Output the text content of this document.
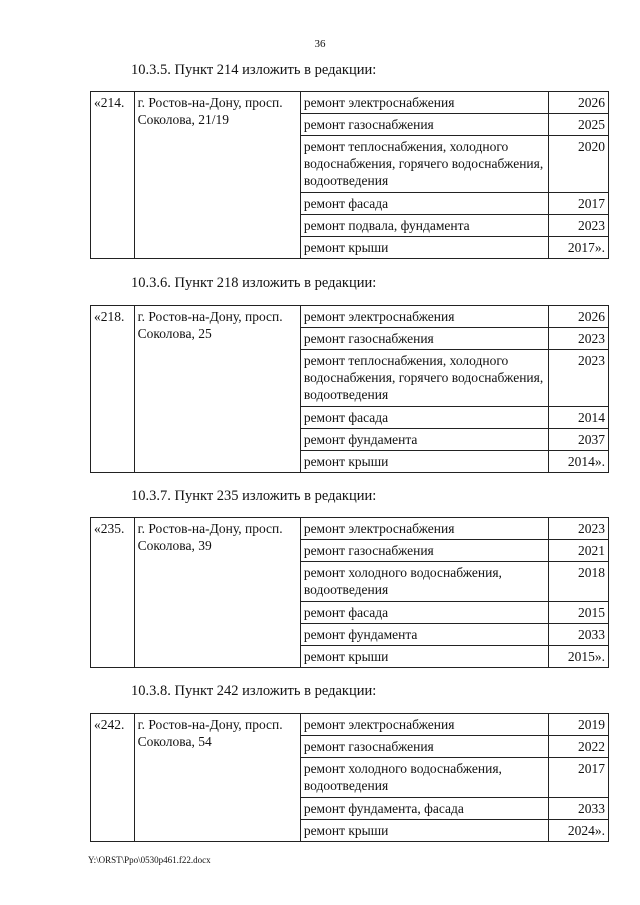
36
10.3.5. Пункт 214 изложить в редакции:
«214.	г. Ростов-на-Дону, просп. Соколова, 21/19	ремонт электроснабжения	2026
		ремонт газоснабжения	2025
		ремонт теплоснабжения, холодного водоснабжения, горячего водоснабжения, водоотведения	2020
		ремонт фасада	2017
		ремонт подвала, фундамента	2023
		ремонт крыши	2017».
10.3.6. Пункт 218 изложить в редакции:
«218.	г. Ростов-на-Дону, просп. Соколова, 25	ремонт электроснабжения	2026
		ремонт газоснабжения	2023
		ремонт теплоснабжения, холодного водоснабжения, горячего водоснабжения, водоотведения	2023
		ремонт фасада	2014
		ремонт фундамента	2037
		ремонт крыши	2014».
10.3.7. Пункт 235 изложить в редакции:
«235.	г. Ростов-на-Дону, просп. Соколова, 39	ремонт электроснабжения	2023
		ремонт газоснабжения	2021
		ремонт холодного водоснабжения, водоотведения	2018
		ремонт фасада	2015
		ремонт фундамента	2033
		ремонт крыши	2015».
10.3.8. Пункт 242 изложить в редакции:
«242.	г. Ростов-на-Дону, просп. Соколова, 54	ремонт электроснабжения	2019
		ремонт газоснабжения	2022
		ремонт холодного водоснабжения, водоотведения	2017
		ремонт фундамента, фасада	2033
		ремонт крыши	2024».
Y:\ORST\Ppo\0530p461.f22.docx
